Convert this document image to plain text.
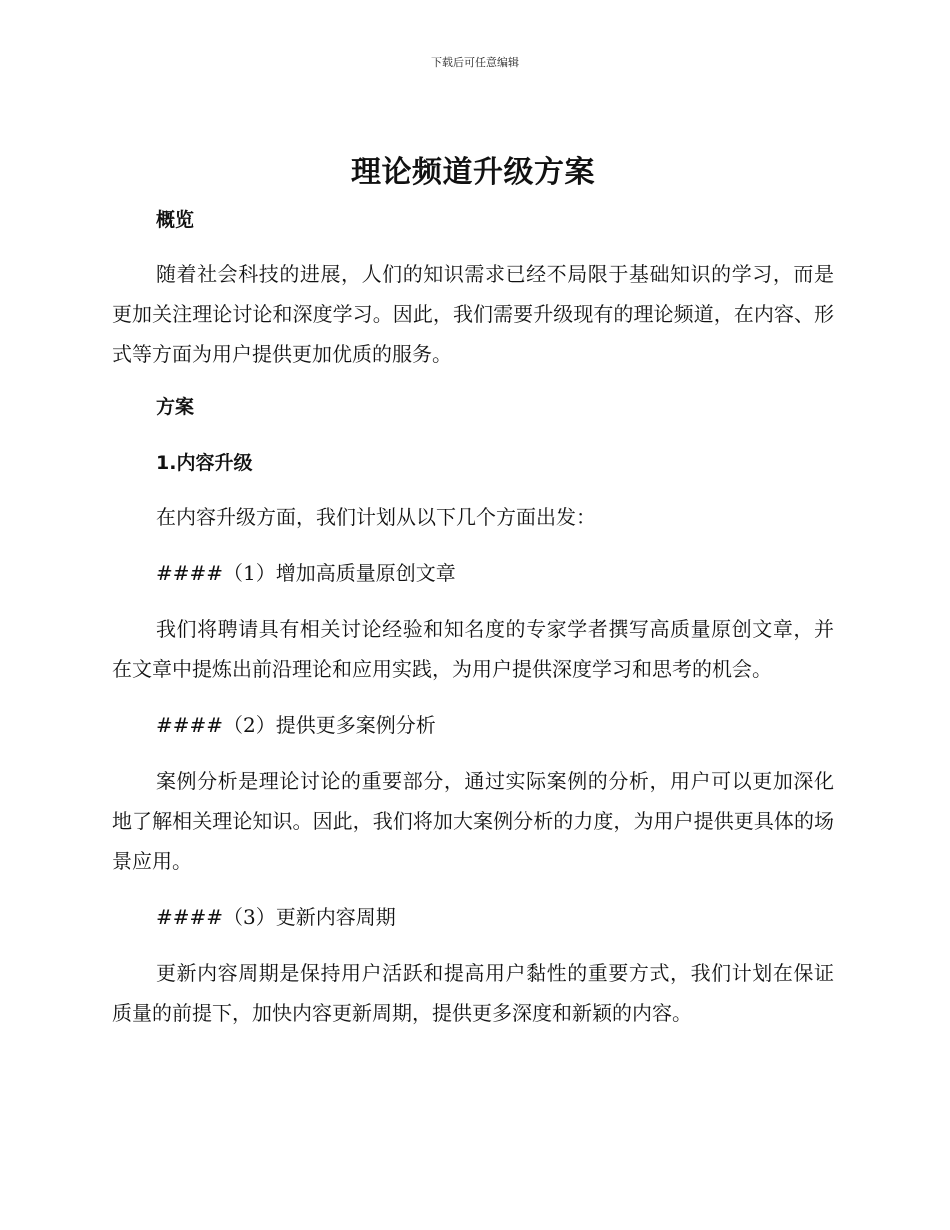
下载后可任意编辑
理论频道升级方案
概览

随着社会科技的进展，人们的知识需求已经不局限于基础知识的学习，而是更加关注理论讨论和深度学习。因此，我们需要升级现有的理论频道，在内容、形式等方面为用户提供更加优质的服务。

方案
1.内容升级

在内容升级方面，我们计划从以下几个方面出发：

####（1）增加高质量原创文章

我们将聘请具有相关讨论经验和知名度的专家学者撰写高质量原创文章，并在文章中提炼出前沿理论和应用实践，为用户提供深度学习和思考的机会。

####（2）提供更多案例分析

案例分析是理论讨论的重要部分，通过实际案例的分析，用户可以更加深化地了解相关理论知识。因此，我们将加大案例分析的力度，为用户提供更具体的场景应用。

####（3）更新内容周期

更新内容周期是保持用户活跃和提高用户黏性的重要方式，我们计划在保证质量的前提下，加快内容更新周期，提供更多深度和新颖的内容。
